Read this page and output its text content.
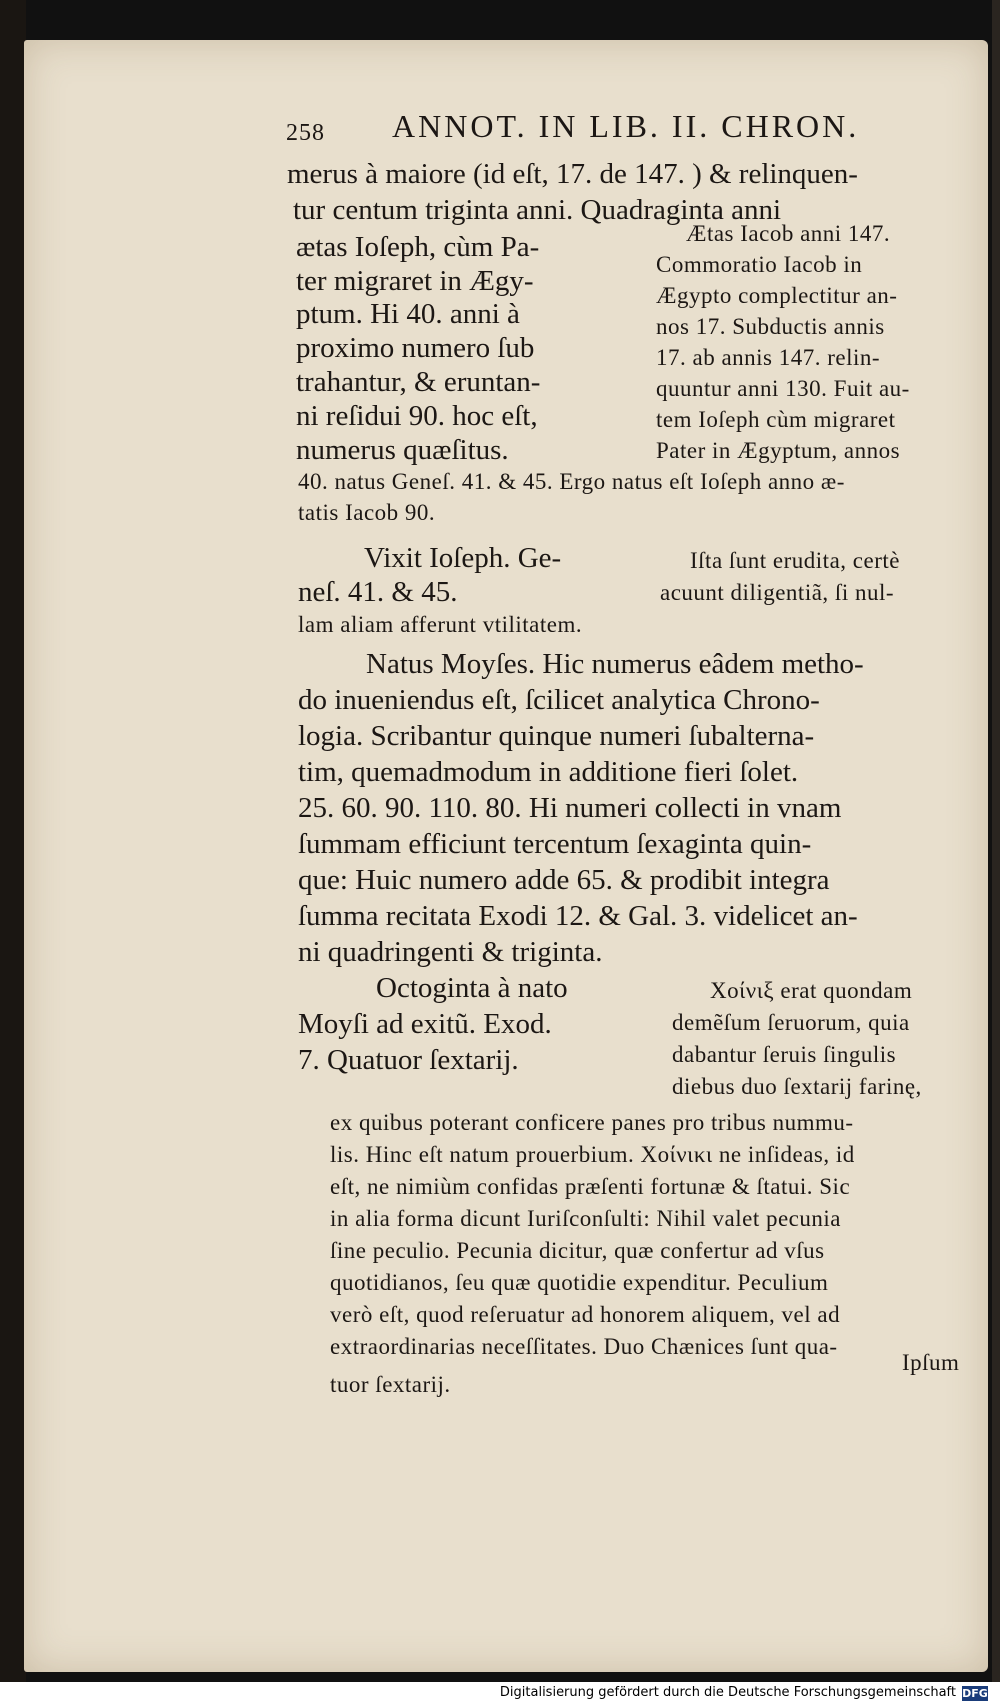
258 ANNOT. IN LIB. II. CHRON.
merus à maiore (id eſt, 17. de 147. ) & relinquen-
tur centum triginta anni. Quadraginta anni
ætas Ioſeph, cùm Pa-
ter migraret in Ægy-
ptum. Hi 40. anni à
proximo numero ſub
trahantur, & eruntan-
ni reſidui 90. hoc eſt,
numerus quæſitus.
Ætas Iacob anni 147.
Commoratio Iacob in
Ægypto complectitur an-
nos 17. Subductis annis
17. ab annis 147. relin-
quuntur anni 130. Fuit au-
tem Ioſeph cùm migraret
Pater in Ægyptum, annos
40. natus Geneſ. 41. & 45. Ergo natus eſt Ioſeph anno æ-
tatis Iacob 90.
Vixit Ioſeph. Ge-
neſ. 41. & 45.
Iſta ſunt erudita, certè
acuunt diligentiã, ſi nul-
lam aliam afferunt vtilitatem.
Natus Moyſes. Hic numerus eâdem metho-
do inueniendus eſt, ſcilicet analytica Chrono-
logia. Scribantur quinque numeri ſubalterna-
tim, quemadmodum in additione fieri ſolet.
25. 60. 90. 110. 80. Hi numeri collecti in vnam
ſummam efficiunt tercentum ſexaginta quin-
que: Huic numero adde 65. & prodibit integra
ſumma recitata Exodi 12. & Gal. 3. videlicet an-
ni quadringenti & triginta.
Octoginta à nato
Moyſi ad exitũ. Exod.
7. Quatuor ſextarij.
Χοίνιξ erat quondam
demẽſum ſeruorum, quia
dabantur ſeruis ſingulis
diebus duo ſextarij farinę,
ex quibus poterant conficere panes pro tribus nummu-
lis. Hinc eſt natum prouerbium. Χοίνικι ne inſideas, id
eſt, ne nimiùm confidas præſenti fortunæ & ſtatui. Sic
in alia forma dicunt Iuriſconſulti: Nihil valet pecunia
ſine peculio. Pecunia dicitur, quæ confertur ad vſus
quotidianos, ſeu quæ quotidie expenditur. Peculium
verò eſt, quod reſeruatur ad honorem aliquem, vel ad
extraordinarias neceſſitates. Duo Chænices ſunt qua-
tuor ſextarij.
Ipſum
Digitalisierung gefördert durch die Deutsche Forschungsgemeinschaft DFG
